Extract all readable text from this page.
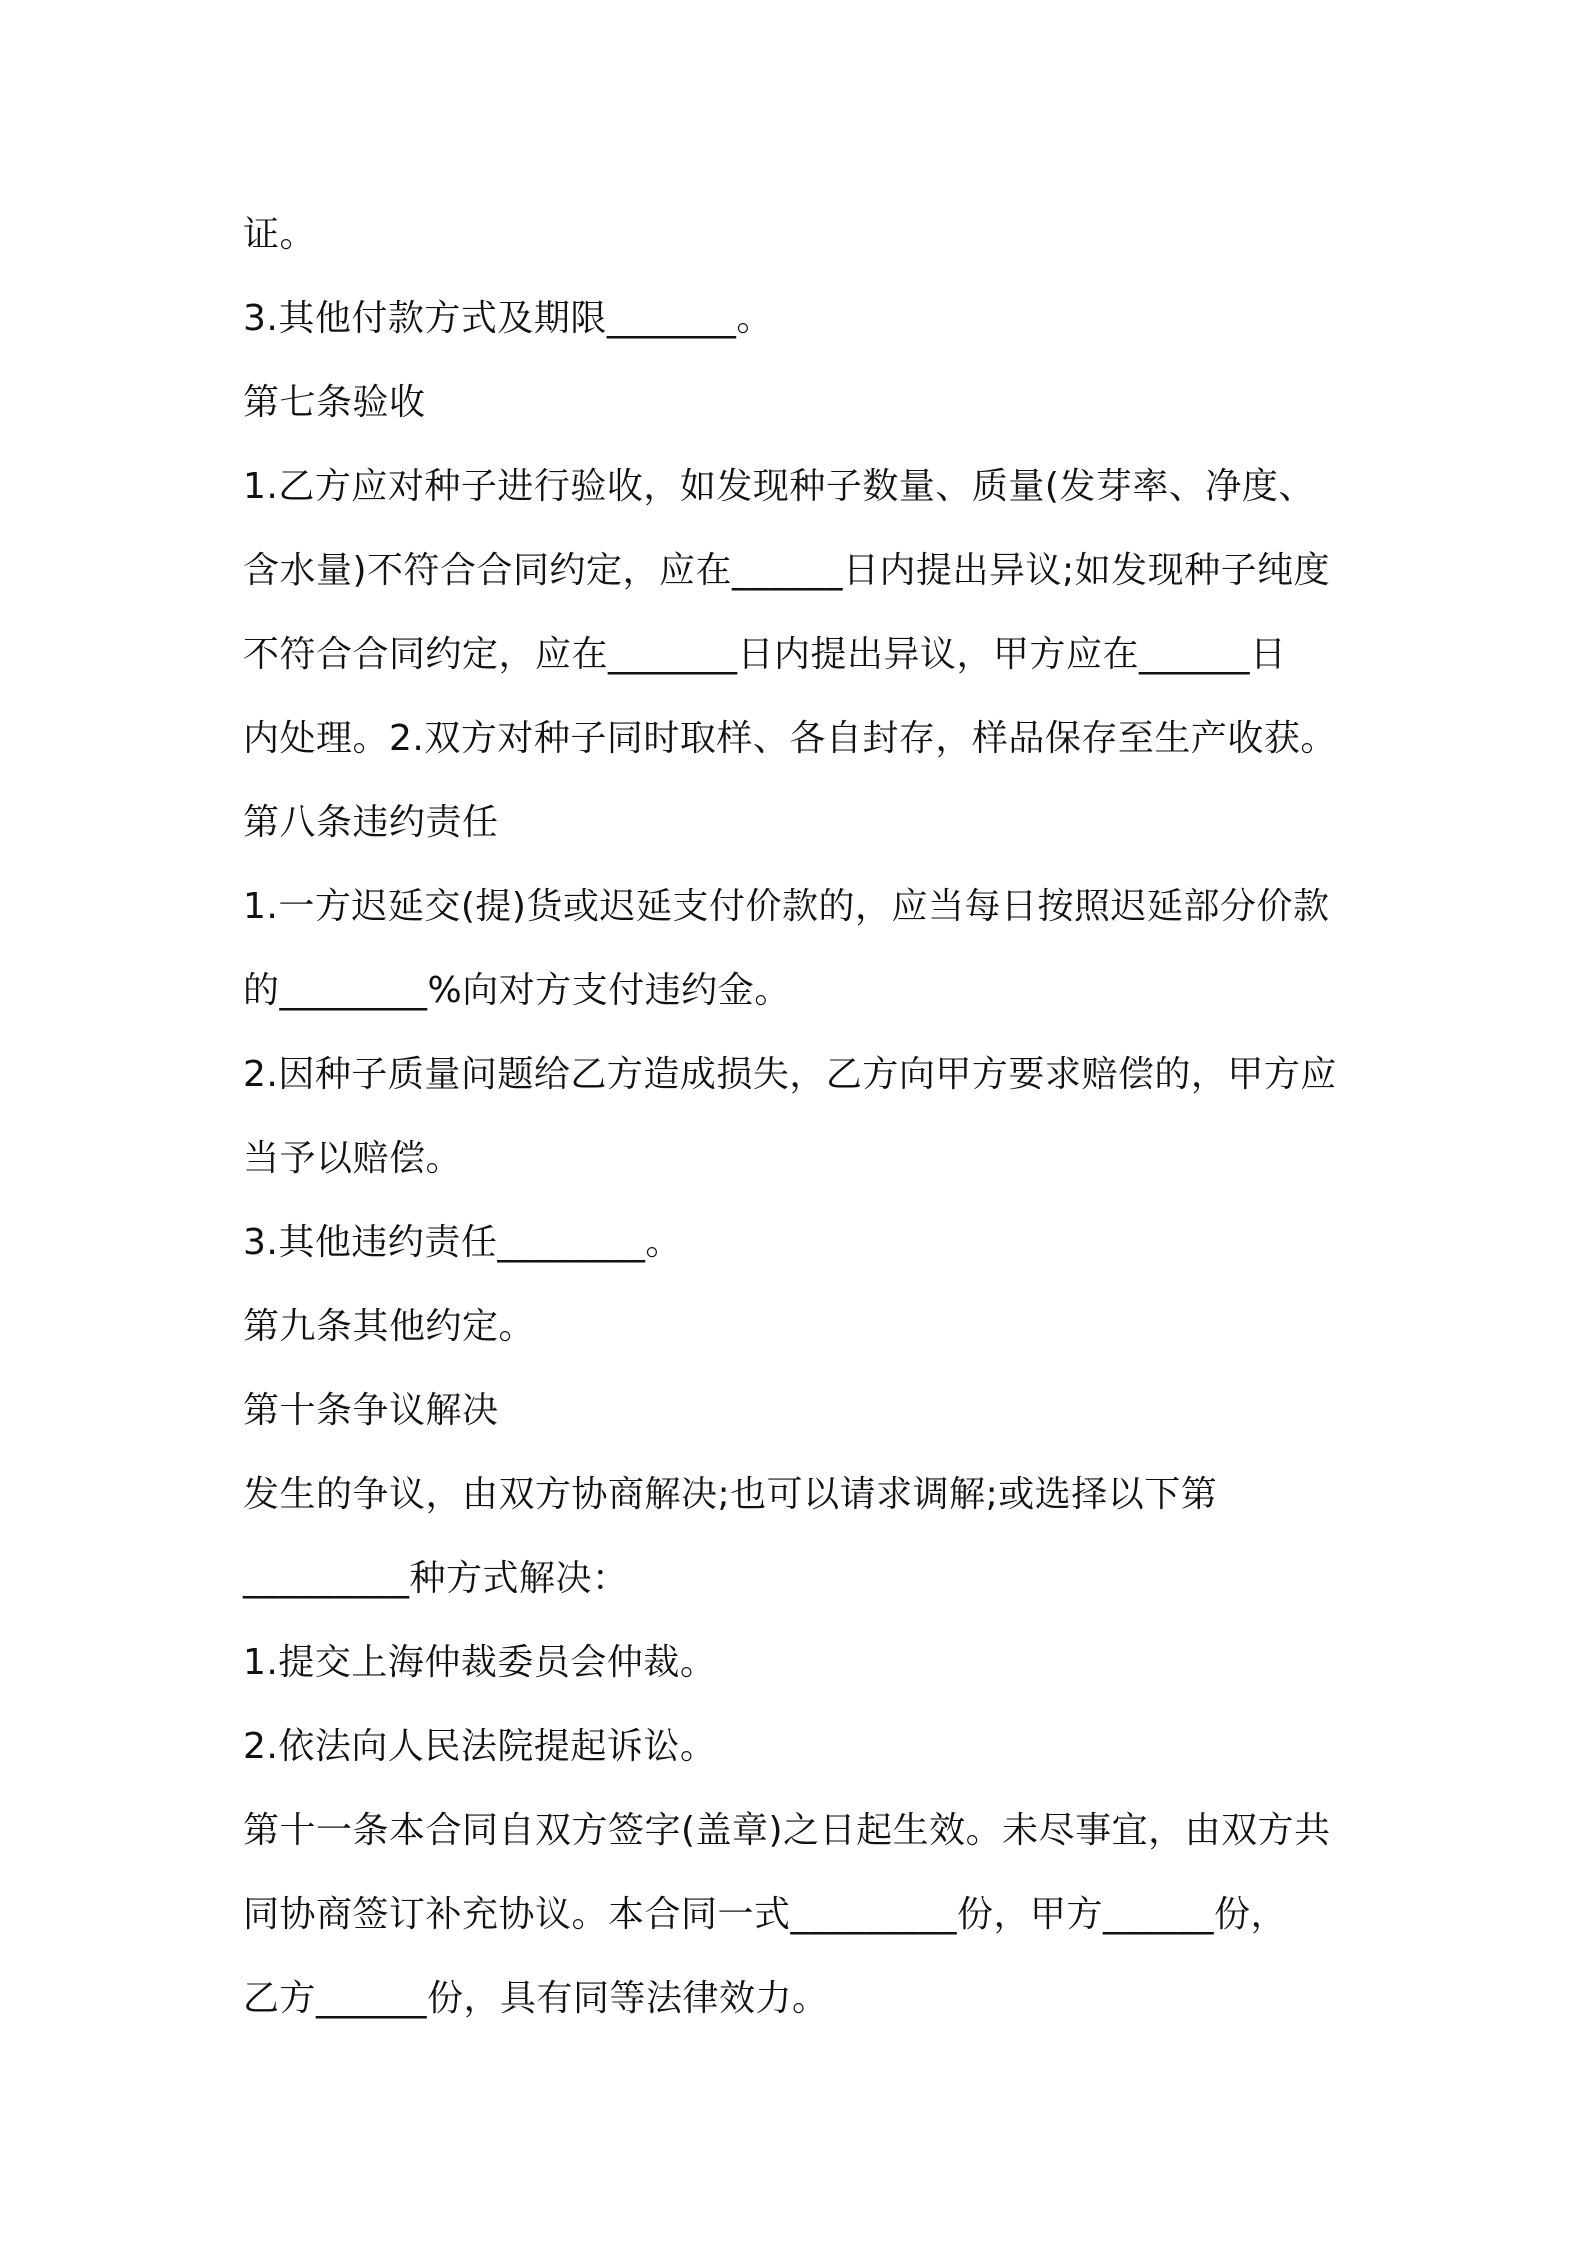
证。
3.其他付款方式及期限_______。
第七条验收
1.乙方应对种子进行验收，如发现种子数量、质量(发芽率、净度、
含水量)不符合合同约定，应在______日内提出异议;如发现种子纯度
不符合合同约定，应在_______日内提出异议，甲方应在______日
内处理。2.双方对种子同时取样、各自封存，样品保存至生产收获。
第八条违约责任
1.一方迟延交(提)货或迟延支付价款的，应当每日按照迟延部分价款
的________%向对方支付违约金。
2.因种子质量问题给乙方造成损失，乙方向甲方要求赔偿的，甲方应
当予以赔偿。
3.其他违约责任________。
第九条其他约定。
第十条争议解决
发生的争议，由双方协商解决;也可以请求调解;或选择以下第
_________种方式解决：
1.提交上海仲裁委员会仲裁。
2.依法向人民法院提起诉讼。
第十一条本合同自双方签字(盖章)之日起生效。未尽事宜，由双方共
同协商签订补充协议。本合同一式_________份，甲方______份，
乙方______份，具有同等法律效力。
